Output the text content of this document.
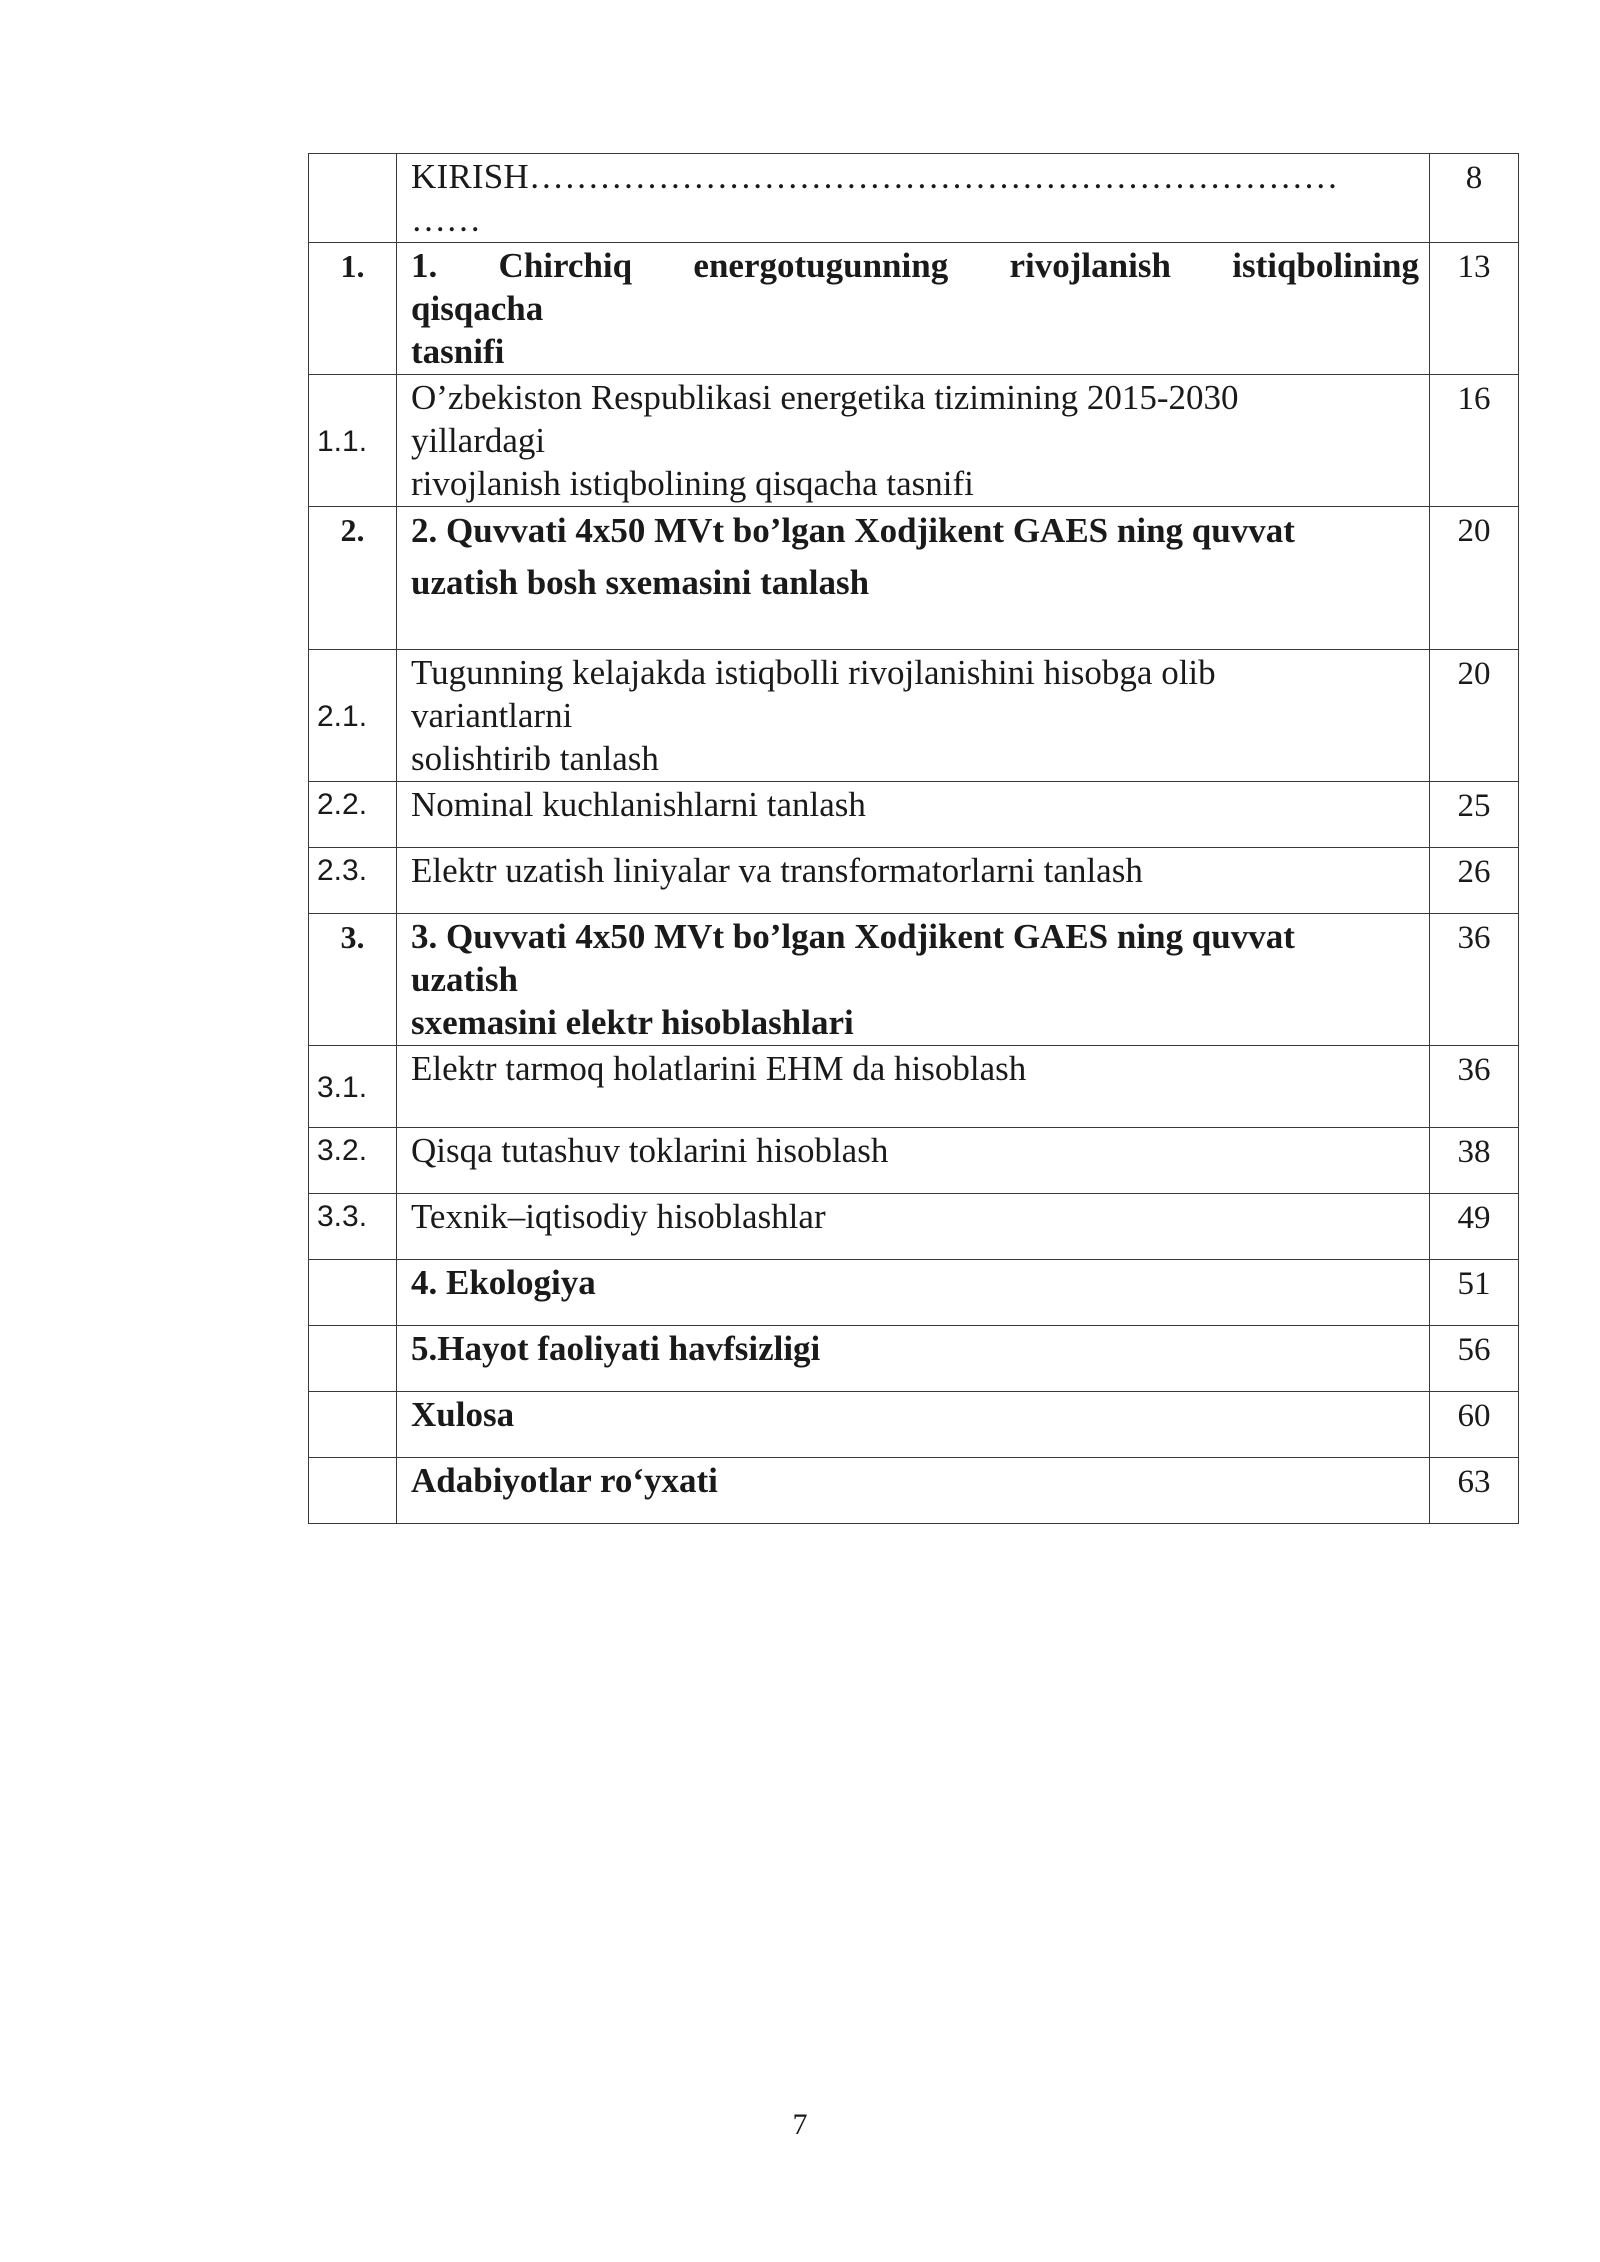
	KIRISH……………………………………………………………
……	8
1.	1. Chirchiq energotugunning rivojlanish istiqbolining
qisqacha
tasnifi	13
1.1.	O’zbekiston Respublikasi energetika tizimining 2015-2030
yillardagi
rivojlanish istiqbolining qisqacha tasnifi	16
2.	2. Quvvati 4x50 MVt bo’lgan Xodjikent GAES ning quvvat
uzatish bosh sxemasini tanlash	20
2.1.	Tugunning kelajakda istiqbolli rivojlanishini hisobga olib
variantlarni
solishtirib tanlash	20
2.2.	Nominal kuchlanishlarni tanlash	25
2.3.	Elektr uzatish liniyalar va transformatorlarni tanlash	26
3.	3. Quvvati 4x50 MVt bo’lgan Xodjikent GAES ning quvvat
uzatish
sxemasini elektr hisoblashlari	36
3.1.	Elektr tarmoq holatlarini EHM da hisoblash	36
3.2.	Qisqa tutashuv toklarini hisoblash	38
3.3.	Texnik–iqtisodiy hisoblashlar	49

	4. Ekologiya	51

	5.Hayot faoliyati havfsizligi	56

	Xulosa	60

	Adabiyotlar ro‘yxati	63
7
